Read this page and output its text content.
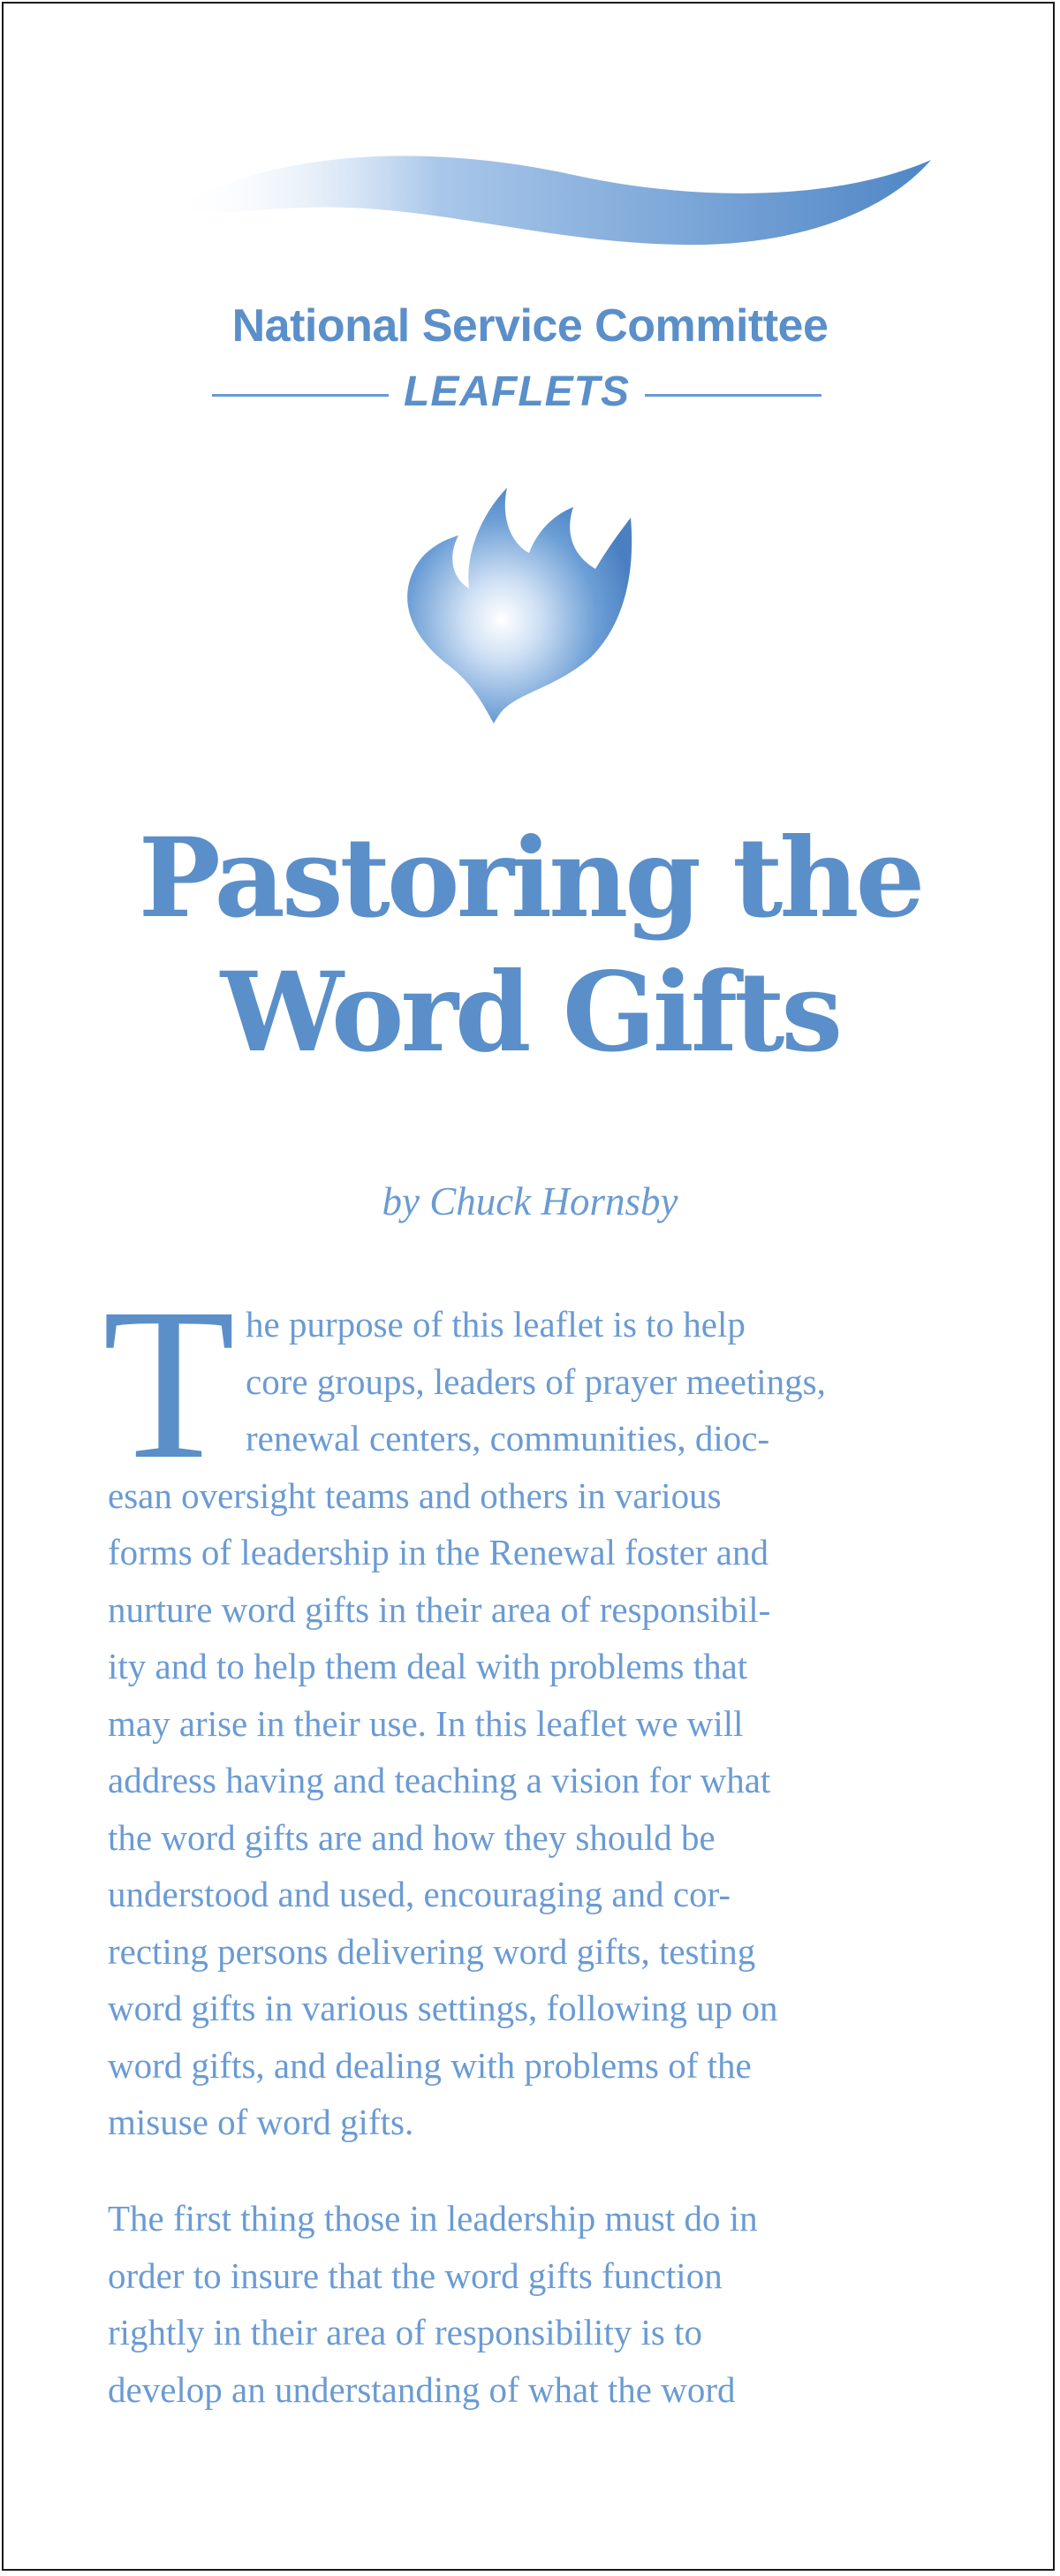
National Service Committee
LEAFLETS
Pastoring the
Word Gifts
by Chuck Hornsby
T he purpose of this leaflet is to help
core groups, leaders of prayer meetings,
renewal centers, communities, dioc-
esan oversight teams and others in various
forms of leadership in the Renewal foster and
nurture word gifts in their area of responsibil-
ity and to help them deal with problems that
may arise in their use. In this leaflet we will
address having and teaching a vision for what
the word gifts are and how they should be
understood and used, encouraging and cor-
recting persons delivering word gifts, testing
word gifts in various settings, following up on
word gifts, and dealing with problems of the
misuse of word gifts.
The first thing those in leadership must do in
order to insure that the word gifts function
rightly in their area of responsibility is to
develop an understanding of what the word
